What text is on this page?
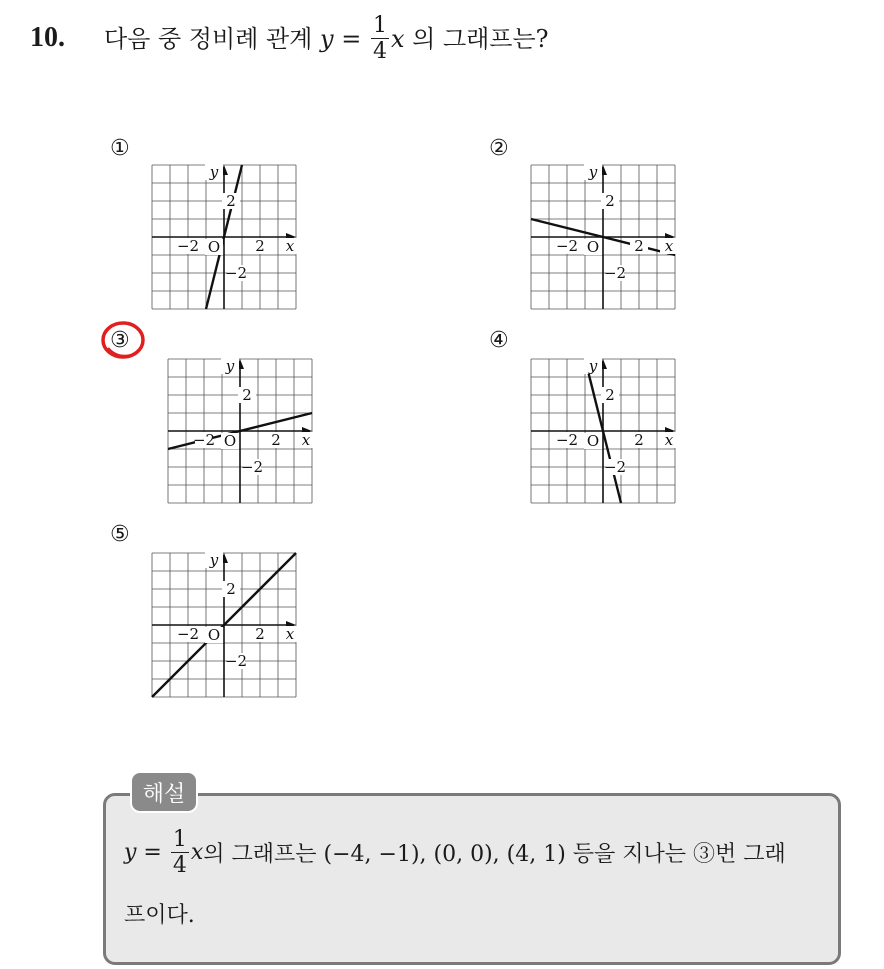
10. 다음 중 정비례 관계
y =
$\frac{1}{4}$ x
의 그래프는?
①	②
③	④
⑤
−2	2
2
−2
O	x
y
−2	2
2
−2
O	x
y
−2	2
2
−2
O	x
y
−2	2
2
−2
O	x
y
−2	2
2
−2
O	x
y
해설
y =
$\frac{1}{4}$ x 의 그래프는 (−4, −1), (0, 0), (4, 1) 등을 지나는 ③번 그래
프이다.
